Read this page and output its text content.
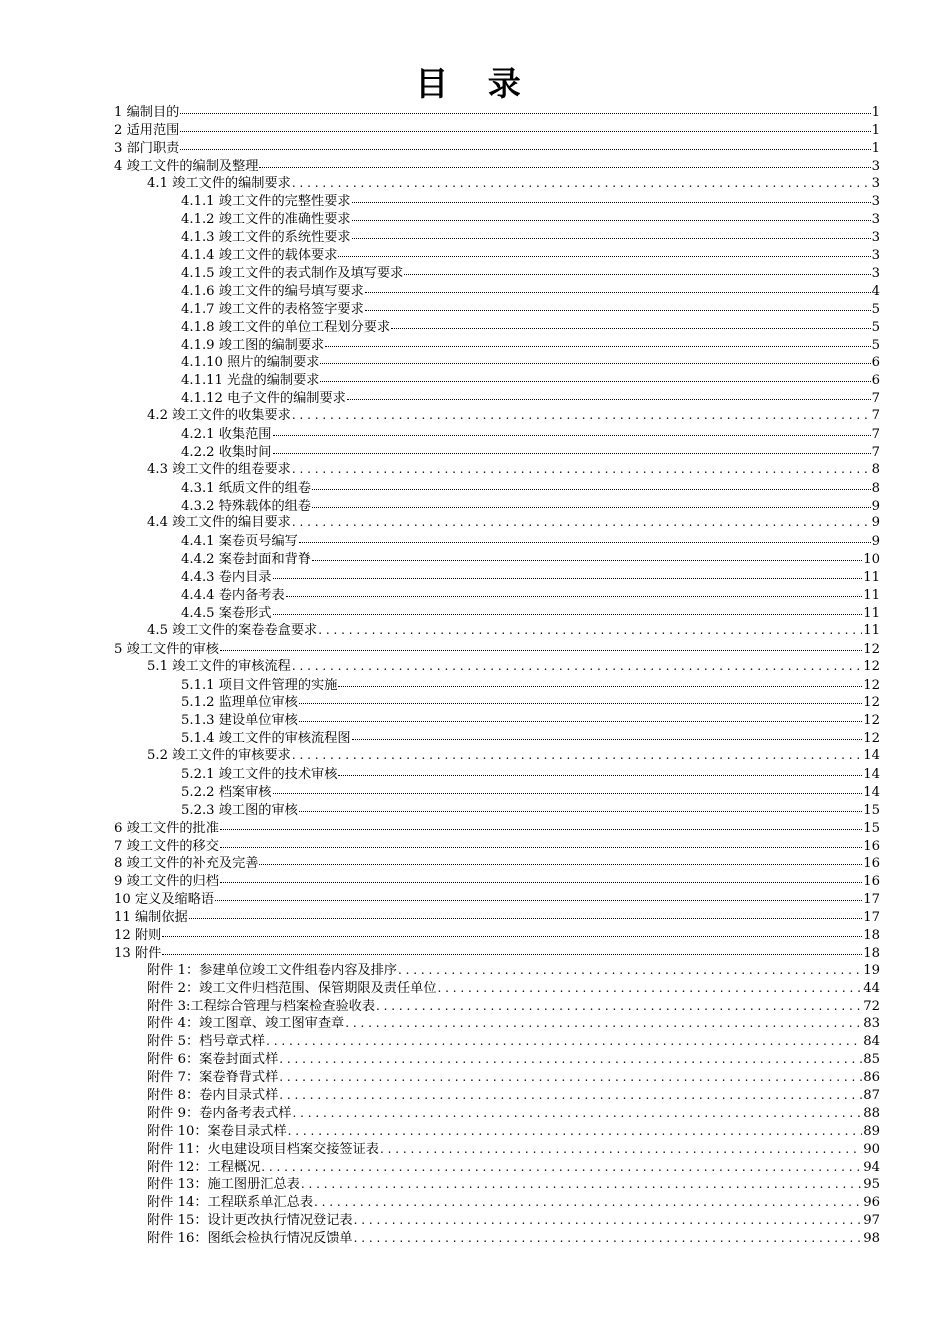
目 录
1 编制目的	1
2 适用范围	1
3 部门职责	1
4 竣工文件的编制及整理	3
4.1 竣工文件的编制要求 . . .	3
4.1.1 竣工文件的完整性要求	3
4.1.2 竣工文件的准确性要求	3
4.1.3 竣工文件的系统性要求	3
4.1.4 竣工文件的载体要求	3
4.1.5 竣工文件的表式制作及填写要求	3
4.1.6 竣工文件的编号填写要求	4
4.1.7 竣工文件的表格签字要求	5
4.1.8 竣工文件的单位工程划分要求	5
4.1.9 竣工图的编制要求	5
4.1.10 照片的编制要求	6
4.1.11 光盘的编制要求	6
4.1.12 电子文件的编制要求	7
4.2 竣工文件的收集要求 . . .	7
4.2.1 收集范围	7
4.2.2 收集时间	7
4.3 竣工文件的组卷要求 . . .	8
4.3.1 纸质文件的组卷	8
4.3.2 特殊载体的组卷	9
4.4 竣工文件的编目要求 . . .	9
4.4.1 案卷页号编写	9
4.4.2 案卷封面和背脊	10
4.4.3 卷内目录	11
4.4.4 卷内备考表	11
4.4.5 案卷形式	11
4.5 竣工文件的案卷卷盒要求 . . .	11
5 竣工文件的审核	12
5.1 竣工文件的审核流程 . . .	12
5.1.1 项目文件管理的实施	12
5.1.2 监理单位审核	12
5.1.3 建设单位审核	12
5.1.4 竣工文件的审核流程图	12
5.2 竣工文件的审核要求 . . .	14
5.2.1 竣工文件的技术审核	14
5.2.2 档案审核	14
5.2.3 竣工图的审核	15
6 竣工文件的批准	15
7 竣工文件的移交	16
8 竣工文件的补充及完善	16
9 竣工文件的归档	16
10 定义及缩略语	17
11 编制依据	17
12 附则	18
13 附件	18
附件 1：参建单位竣工文件组卷内容及排序 . . .	19
附件 2：竣工文件归档范围、保管期限及责任单位 . . .	44
附件 3:工程综合管理与档案检查验收表 . . .	72
附件 4：竣工图章、竣工图审查章 . . .	83
附件 5：档号章式样 . . .	84
附件 6：案卷封面式样 . . .	85
附件 7：案卷脊背式样 . . .	86
附件 8：卷内目录式样 . . .	87
附件 9：卷内备考表式样 . . .	88
附件 10：案卷目录式样 . . .	89
附件 11：火电建设项目档案交接签证表 . . .	90
附件 12：工程概况 . . .	94
附件 13：施工图册汇总表 . . .	95
附件 14：工程联系单汇总表 . . .	96
附件 15：设计更改执行情况登记表 . . .	97
附件 16：图纸会检执行情况反馈单 . . .	98
